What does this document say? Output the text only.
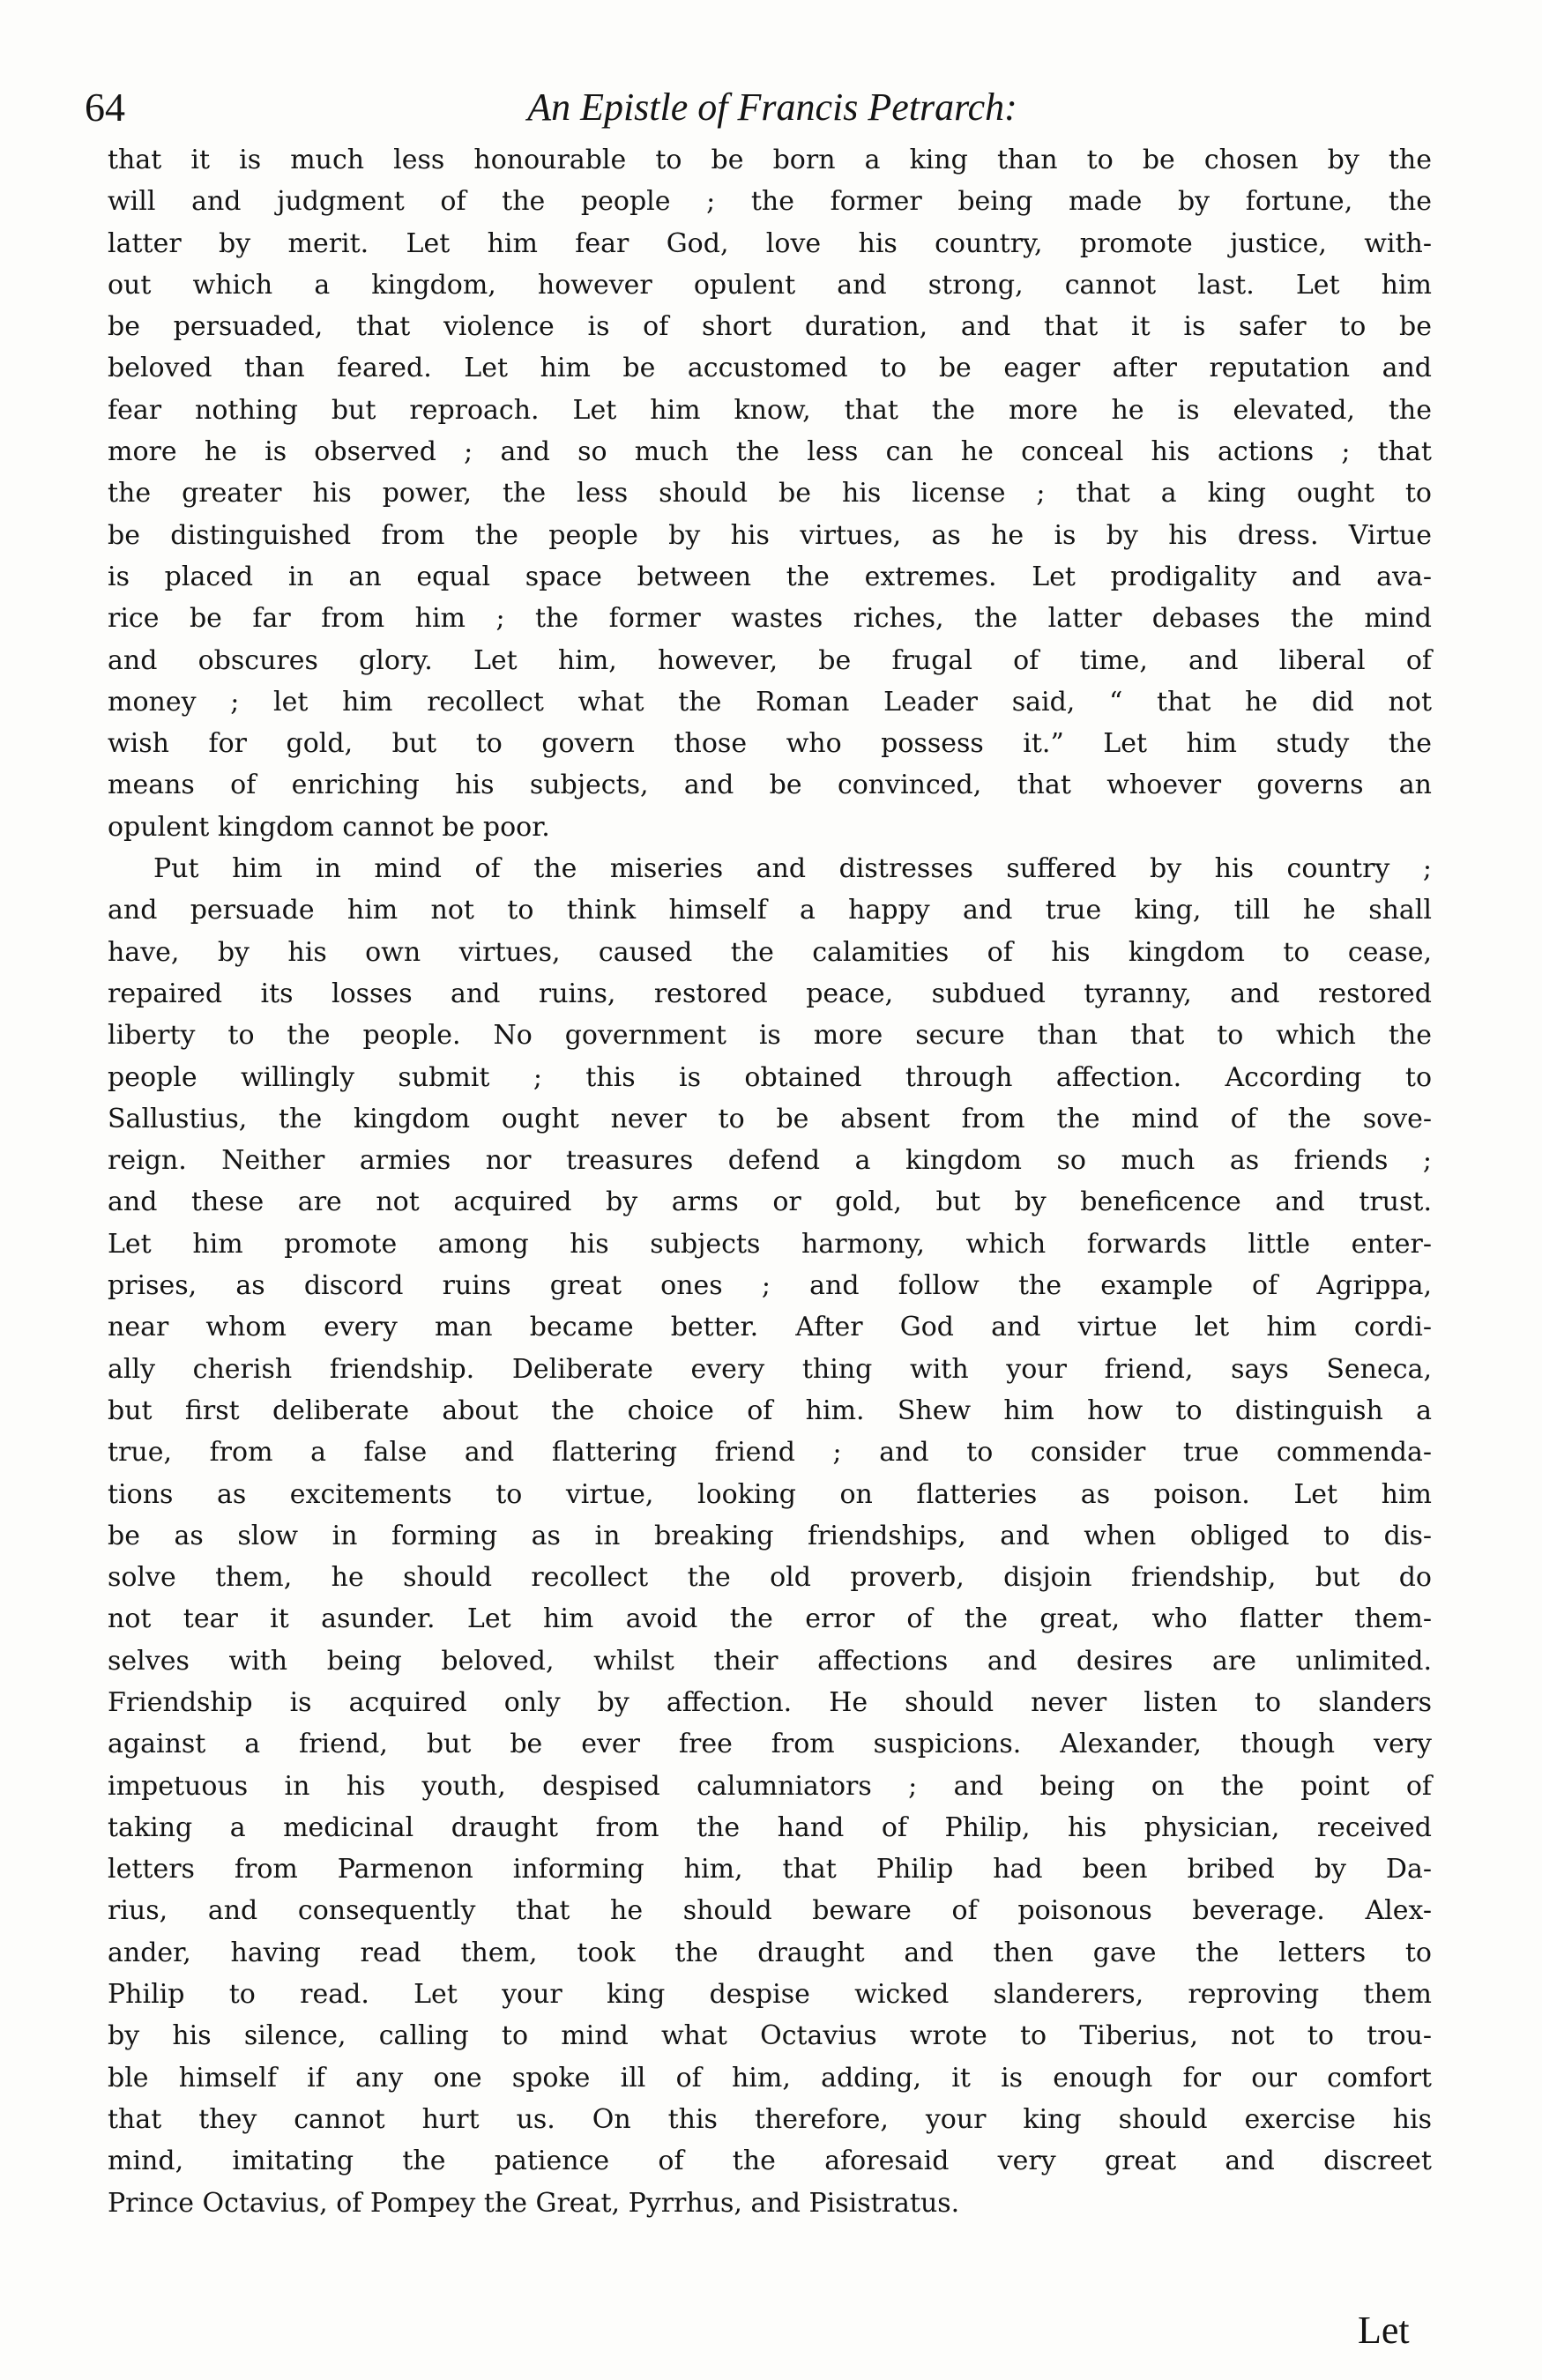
64	An Epistle of Francis Petrarch:
that it is much less honourable to be born a king than to be chosen by the
will and judgment of the people ; the former being made by fortune, the
latter by merit. Let him fear God, love his country, promote justice, with-
out which a kingdom, however opulent and strong, cannot last. Let him
be persuaded, that violence is of short duration, and that it is safer to be
beloved than feared. Let him be accustomed to be eager after reputation and
fear nothing but reproach. Let him know, that the more he is elevated, the
more he is observed ; and so much the less can he conceal his actions ; that
the greater his power, the less should be his license ; that a king ought to
be distinguished from the people by his virtues, as he is by his dress. Virtue
is placed in an equal space between the extremes. Let prodigality and ava-
rice be far from him ; the former wastes riches, the latter debases the mind
and obscures glory. Let him, however, be frugal of time, and liberal of
money ; let him recollect what the Roman Leader said, “ that he did not
wish for gold, but to govern those who possess it.” Let him study the
means of enriching his subjects, and be convinced, that whoever governs an
opulent kingdom cannot be poor.
Put him in mind of the miseries and distresses suffered by his country ;
and persuade him not to think himself a happy and true king, till he shall
have, by his own virtues, caused the calamities of his kingdom to cease,
repaired its losses and ruins, restored peace, subdued tyranny, and restored
liberty to the people. No government is more secure than that to which the
people willingly submit ; this is obtained through affection. According to
Sallustius, the kingdom ought never to be absent from the mind of the sove-
reign. Neither armies nor treasures defend a kingdom so much as friends ;
and these are not acquired by arms or gold, but by beneficence and trust.
Let him promote among his subjects harmony, which forwards little enter-
prises, as discord ruins great ones ; and follow the example of Agrippa,
near whom every man became better. After God and virtue let him cordi-
ally cherish friendship. Deliberate every thing with your friend, says Seneca,
but first deliberate about the choice of him. Shew him how to distinguish a
true, from a false and flattering friend ; and to consider true commenda-
tions as excitements to virtue, looking on flatteries as poison. Let him
be as slow in forming as in breaking friendships, and when obliged to dis-
solve them, he should recollect the old proverb, disjoin friendship, but do
not tear it asunder. Let him avoid the error of the great, who flatter them-
selves with being beloved, whilst their affections and desires are unlimited.
Friendship is acquired only by affection. He should never listen to slanders
against a friend, but be ever free from suspicions. Alexander, though very
impetuous in his youth, despised calumniators ; and being on the point of
taking a medicinal draught from the hand of Philip, his physician, received
letters from Parmenon informing him, that Philip had been bribed by Da-
rius, and consequently that he should beware of poisonous beverage. Alex-
ander, having read them, took the draught and then gave the letters to
Philip to read. Let your king despise wicked slanderers, reproving them
by his silence, calling to mind what Octavius wrote to Tiberius, not to trou-
ble himself if any one spoke ill of him, adding, it is enough for our comfort
that they cannot hurt us. On this therefore, your king should exercise his
mind, imitating the patience of the aforesaid very great and discreet
Prince Octavius, of Pompey the Great, Pyrrhus, and Pisistratus.
Let
